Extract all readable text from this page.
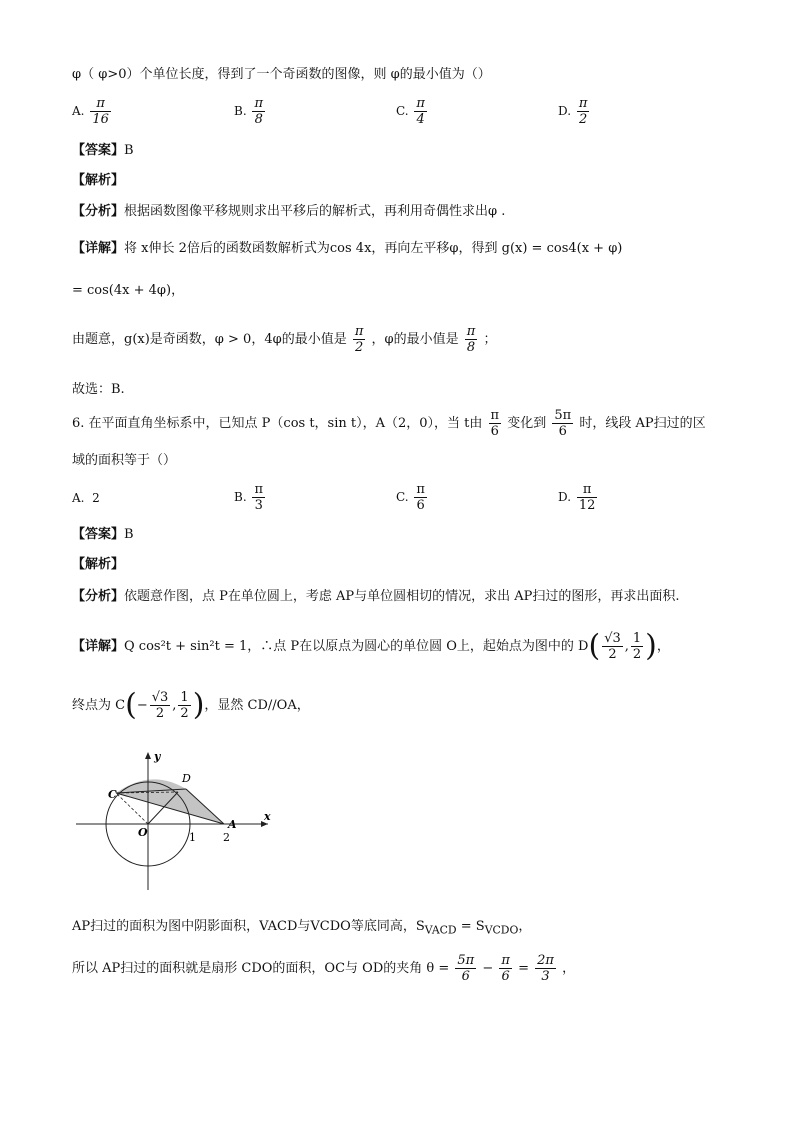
φ（ φ>0）个单位长度，得到了一个奇函数的图像，则 φ的最小值为（）
A. $\frac{\pi}{16}$	B. $\frac{\pi}{8}$	C. $\frac{\pi}{4}$	D. $\frac{\pi}{2}$
【答案】B
【解析】
【分析】根据函数图像平移规则求出平移后的解析式，再利用奇偶性求出φ .
【详解】将 x伸长 2倍后的函数函数解析式为cos 4x，再向左平移φ，得到 g(x) = cos4(x + φ)
= cos(4x + 4φ)，
由题意，g(x)是奇函数，φ > 0，4φ的最小值是 $\frac{\pi}{2}$ ，φ的最小值是 $\frac{\pi}{8}$ ；
故选：B.
6. 在平面直角坐标系中，已知点 P（cos t，sin t），A（2，0），当 t由 $\frac{\pi}{6}$ 变化到 $\frac{5\pi}{6}$ 时，线段 AP扫过的区
域的面积等于（）
A. 2	B. $\frac{\pi}{3}$	C. $\frac{\pi}{6}$	D. $\frac{\pi}{12}$
【答案】B
【解析】
【分析】依题意作图，点 P在单位圆上，考虑 AP与单位圆相切的情况，求出 AP扫过的图形，再求出面积.
【详解】Q cos²t + sin²t = 1，∴点 P在以原点为圆心的单位圆 O上，起始点为图中的 $D( \frac{√3}{2}$ , $\frac{1}{2}$ )，
终点为 $C(- \frac{√3}{2}$ , $\frac{1}{2}$ )，显然 CD//OA，
y
x
C
D
O
A
1 2
AP扫过的面积为图中阴影面积，VACD与VCDO等底同高，$S_{VACD} = S_{VCDO}$，
所以 AP扫过的面积就是扇形 CDO的面积，OC与 OD的夹角 $\theta = \frac{5\pi}{6} - \frac{\pi}{6} = \frac{2\pi}{3}$ ，
